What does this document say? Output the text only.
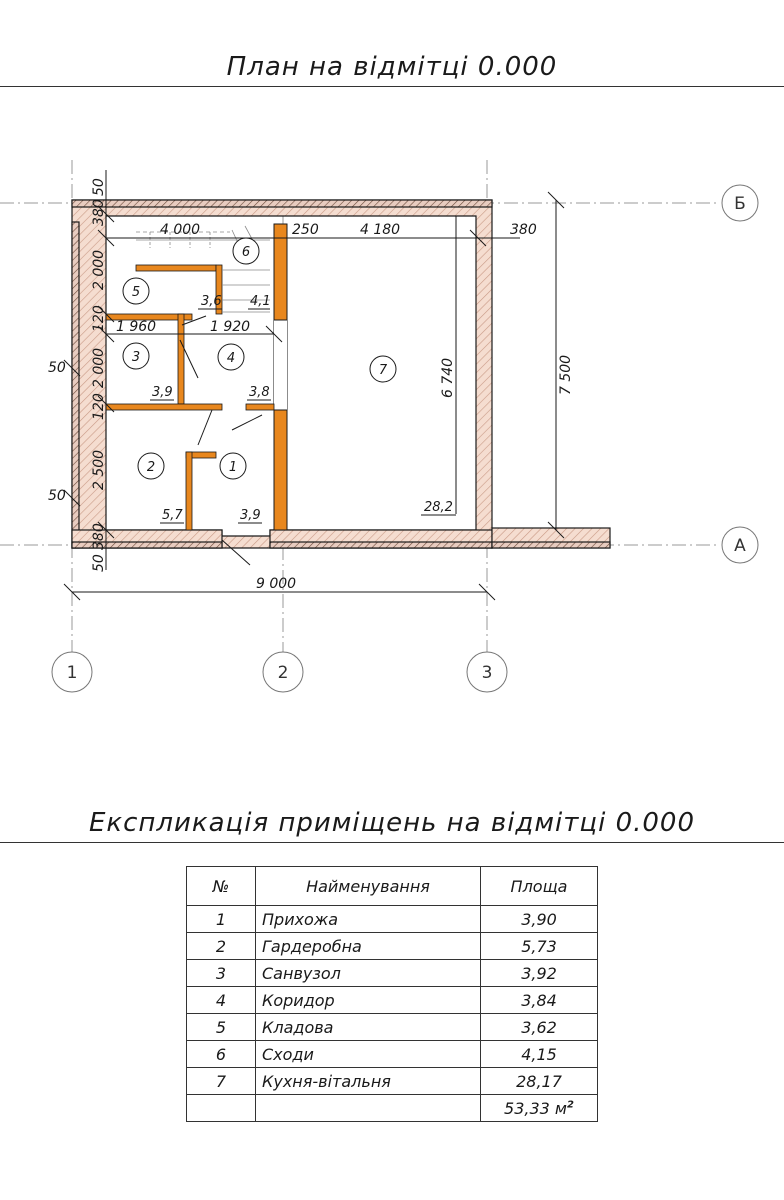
План на відмітці 0.000
Б
А
1	2	3
4 000	250	4 180	380
1 960	1 920
9 000
50
50
7 500
6 740
50
380
2 000
120
2 000
120
2 500
380
50
1
2
3	4
5
6
7
3,6 4,1
3,9	3,8
5,7	3,9
28,2
Експликація приміщень на відмітці 0.000
№	Найменування	Площа
1	Прихожа	3,90
2	Гардеробна	5,73
3	Санвузол	3,92
4	Коридор	3,84
5	Кладова	3,62
6	Сходи	4,15
7	Кухня-вітальня	28,17
		53,33 $м^2$
